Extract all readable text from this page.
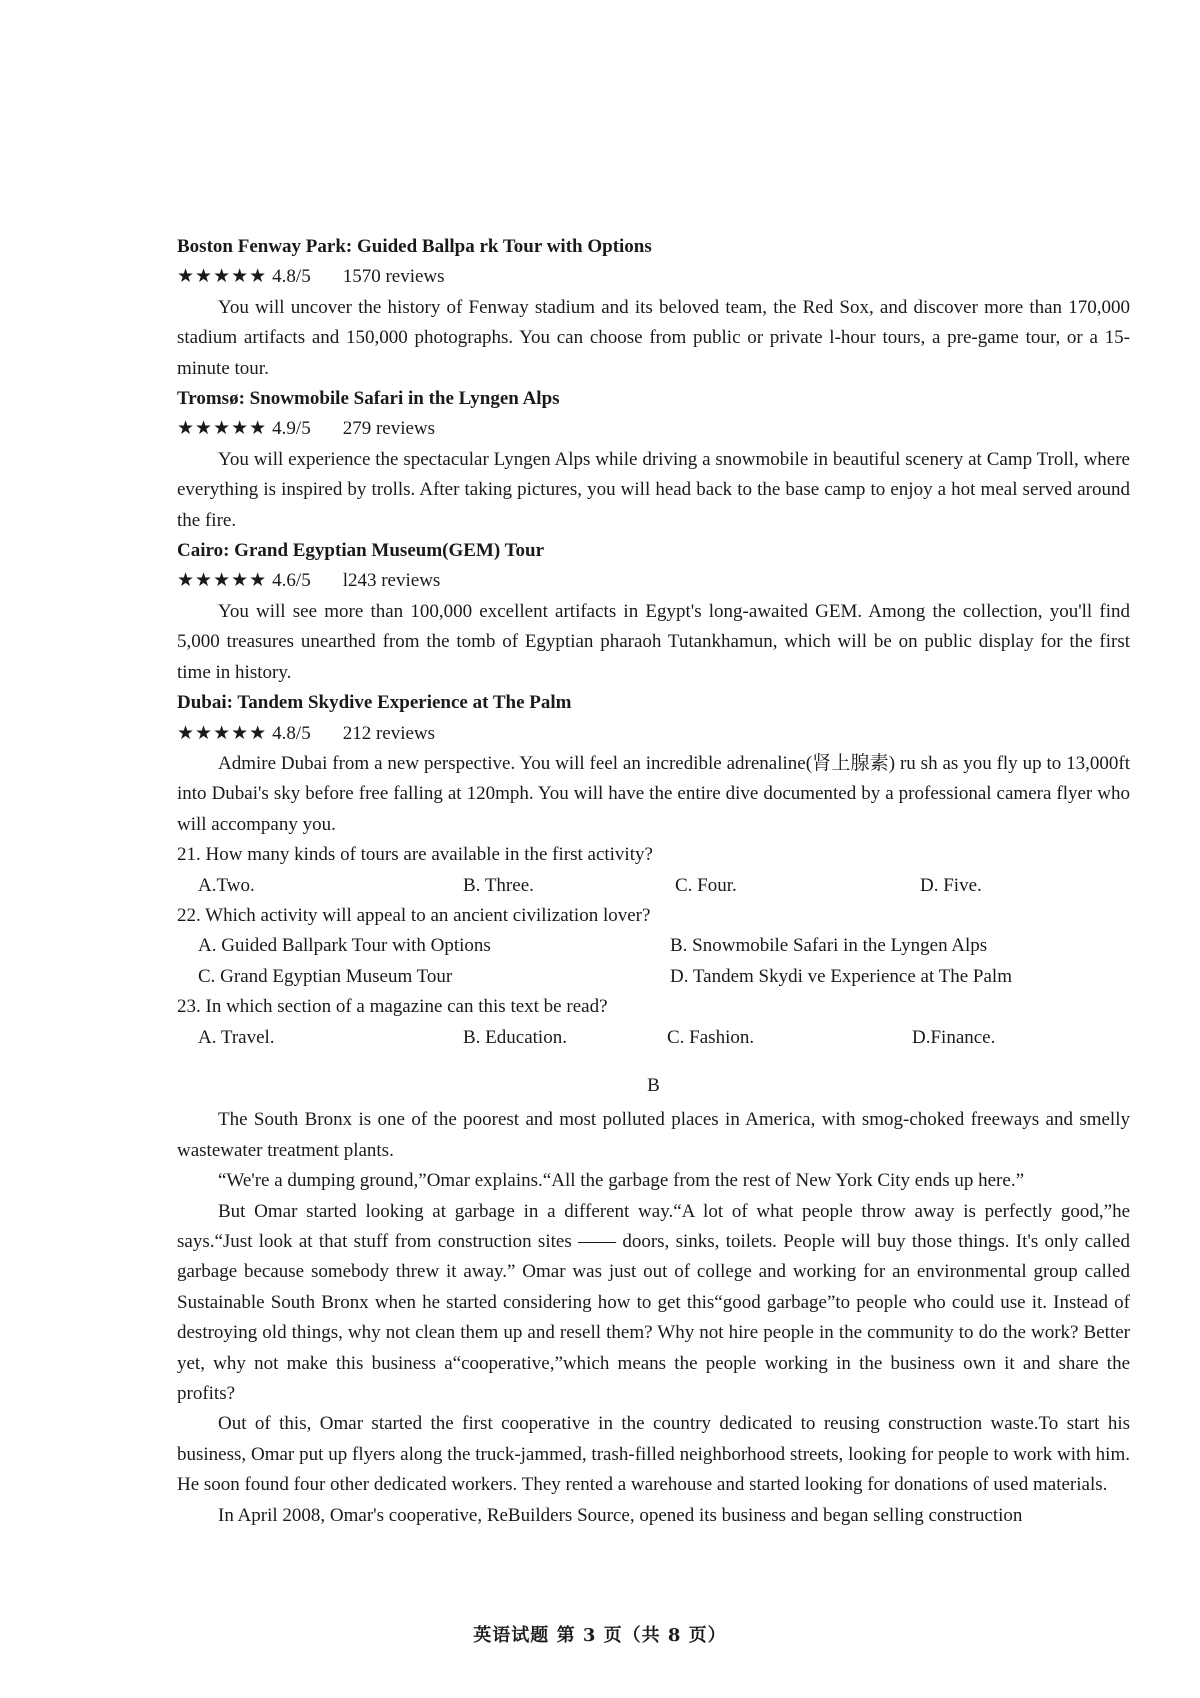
Boston Fenway Park: Guided Ballpa rk Tour with Options
★★★★★ 4.8/5 1570 reviews

You will uncover the history of Fenway stadium and its beloved team, the Red Sox, and discover more than 170,000 stadium artifacts and 150,000 photographs. You can choose from public or private l-hour tours, a pre-game tour, or a 15-minute tour.

Tromsø: Snowmobile Safari in the Lyngen Alps
★★★★★ 4.9/5 279 reviews

You will experience the spectacular Lyngen Alps while driving a snowmobile in beautiful scenery at Camp Troll, where everything is inspired by trolls. After taking pictures, you will head back to the base camp to enjoy a hot meal served around the fire.

Cairo: Grand Egyptian Museum(GEM) Tour
★★★★★ 4.6/5 l243 reviews

You will see more than 100,000 excellent artifacts in Egypt's long-awaited GEM. Among the collection, you'll find 5,000 treasures unearthed from the tomb of Egyptian pharaoh Tutankhamun, which will be on public display for the first time in history.

Dubai: Tandem Skydive Experience at The Palm
★★★★★ 4.8/5 212 reviews

Admire Dubai from a new perspective. You will feel an incredible adrenaline(肾上腺素) ru sh as you fly up to 13,000ft into Dubai's sky before free falling at 120mph. You will have the entire dive documented by a professional camera flyer who will accompany you.

21. How many kinds of tours are available in the first activity?
A.Two.	B. Three.	C. Four.	D. Five.
22. Which activity will appeal to an ancient civilization lover?
A. Guided Ballpark Tour with Options	B. Snowmobile Safari in the Lyngen Alps
C. Grand Egyptian Museum Tour	D. Tandem Skydi ve Experience at The Palm
23. In which section of a magazine can this text be read?
A. Travel.	B. Education.	C. Fashion.	D.Finance.
B

The South Bronx is one of the poorest and most polluted places in America, with smog-choked freeways and smelly wastewater treatment plants.

“We're a dumping ground,”Omar explains.“All the garbage from the rest of New York City ends up here.”

But Omar started looking at garbage in a different way.“A lot of what people throw away is perfectly good,”he says.“Just look at that stuff from construction sites —— doors, sinks, toilets. People will buy those things. It's only called garbage because somebody threw it away.” Omar was just out of college and working for an environmental group called Sustainable South Bronx when he started considering how to get this“good garbage”to people who could use it. Instead of destroying old things, why not clean them up and resell them? Why not hire people in the community to do the work? Better yet, why not make this business a“cooperative,”which means the people working in the business own it and share the profits?

Out of this, Omar started the first cooperative in the country dedicated to reusing construction waste.To start his business, Omar put up flyers along the truck-jammed, trash-filled neighborhood streets, looking for people to work with him. He soon found four other dedicated workers. They rented a warehouse and started looking for donations of used materials.

In April 2008, Omar's cooperative, ReBuilders Source, opened its business and began selling construction

英语试题 第 3 页（共 8 页）
